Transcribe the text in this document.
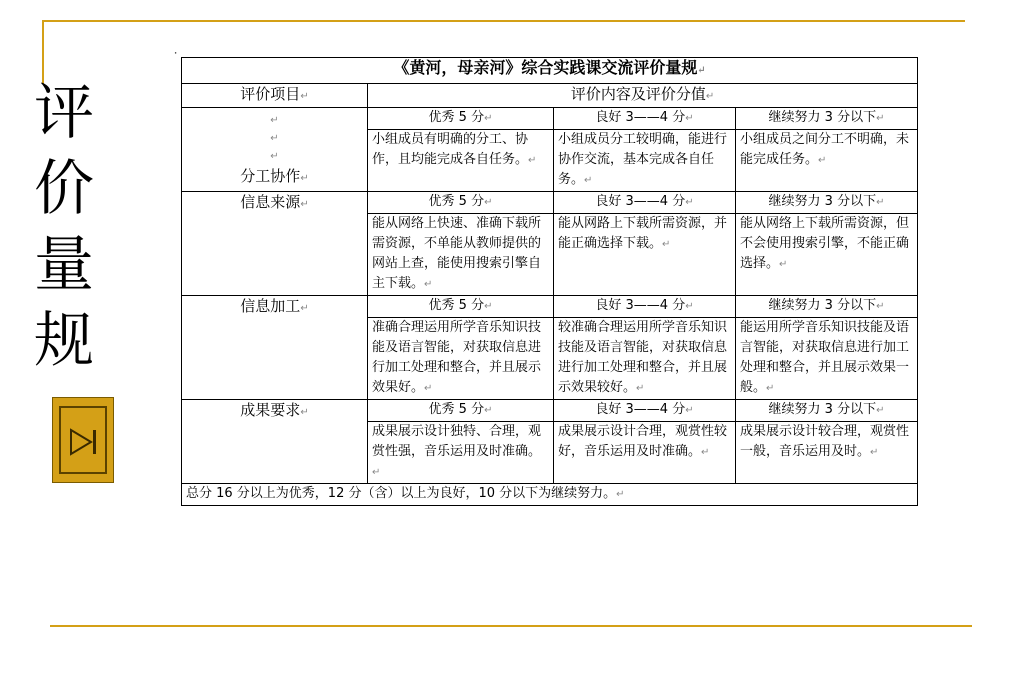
评
价
量
规
⸱
《黄河，母亲河》综合实践课交流评价量规↵			
评价项目↵	评价内容及评价分值↵		

↵
↵
↵
分工协作↵	优秀 5 分↵	良好 3——4 分↵	继续努力 3 分以下↵
	小组成员有明确的分工、协作，且均能完成各自任务。↵	小组成员分工较明确，能进行协作交流，基本完成各自任务。↵	小组成员之间分工不明确，未能完成任务。↵
信息来源↵	优秀 5 分↵	良好 3——4 分↵	继续努力 3 分以下↵
	能从网络上快速、准确下载所需资源，不单能从教师提供的网站上查，能使用搜索引擎自主下载。↵	能从网路上下载所需资源，并能正确选择下载。↵	能从网络上下载所需资源，但不会使用搜索引擎，不能正确选择。↵
信息加工↵	优秀 5 分↵	良好 3——4 分↵	继续努力 3 分以下↵
	准确合理运用所学音乐知识技能及语言智能，对获取信息进行加工处理和整合，并且展示效果好。↵	较准确合理运用所学音乐知识技能及语言智能，对获取信息进行加工处理和整合，并且展示效果较好。↵	能运用所学音乐知识技能及语言智能，对获取信息进行加工处理和整合，并且展示效果一般。↵
成果要求↵	优秀 5 分↵	良好 3——4 分↵	继续努力 3 分以下↵
	成果展示设计独特、合理，观赏性强，音乐运用及时准确。↵	成果展示设计合理，观赏性较好，音乐运用及时准确。↵	成果展示设计较合理，观赏性一般，音乐运用及时。↵
总分 16 分以上为优秀，12 分（含）以上为良好，10 分以下为继续努力。↵			
